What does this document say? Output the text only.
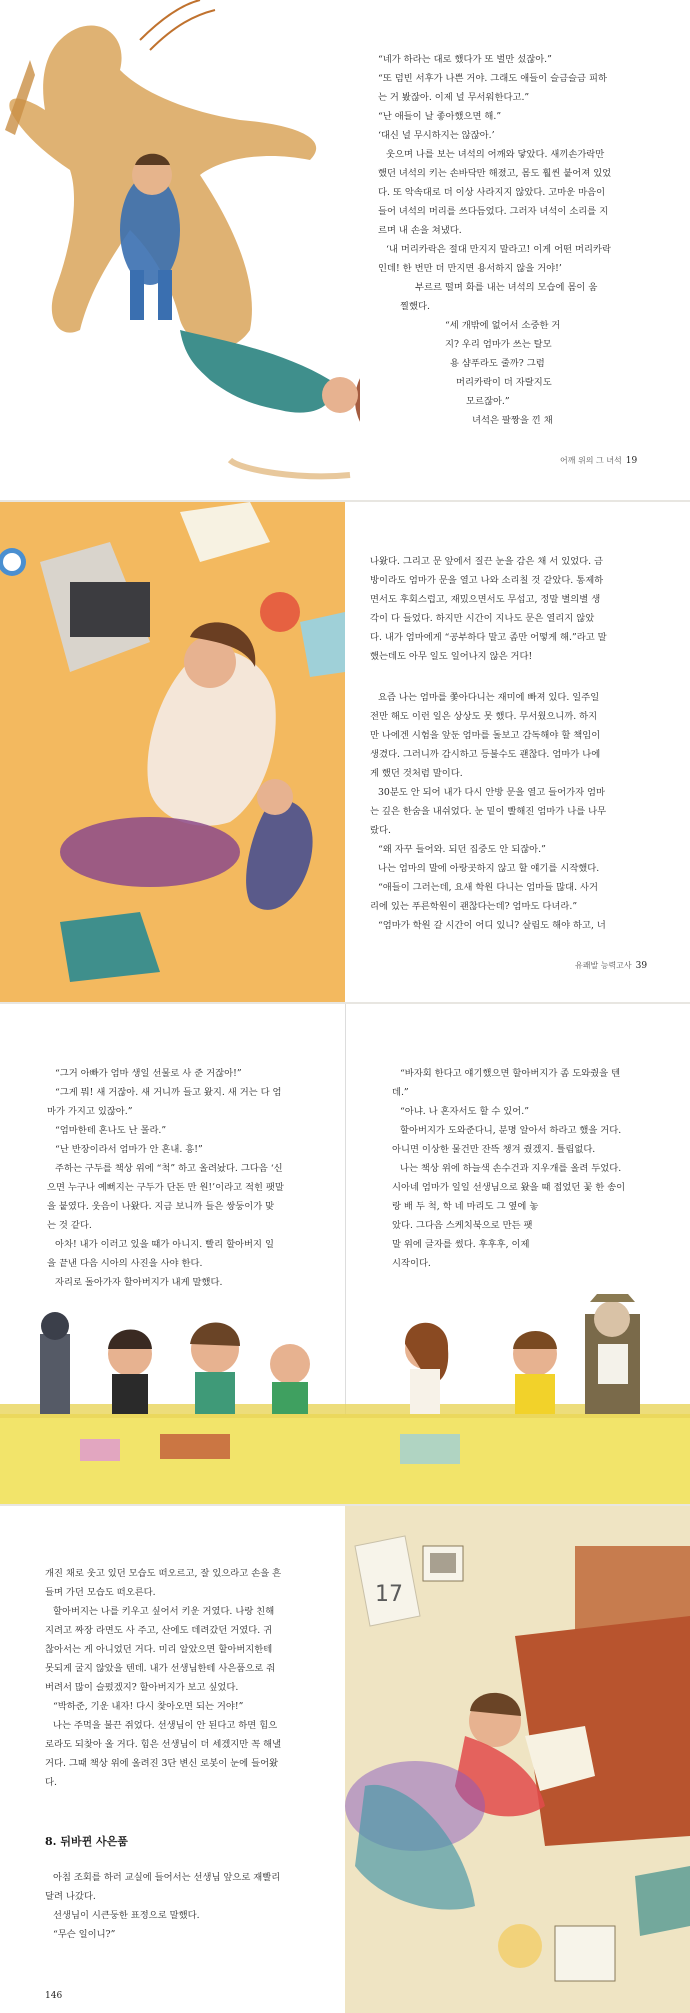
“네가 하라는 대로 했다가 또 벌만 섰잖아.”
“또 덤빈 서후가 나쁜 거야. 그래도 애들이 슬금슬금 피하
는 거 봤잖아. 이제 널 무서워한다고.”
“난 애들이 날 좋아했으면 해.”
‘대신 널 무시하지는 않잖아.’
웃으며 나를 보는 녀석의 어깨와 닿았다. 새끼손가락만
했던 녀석의 키는 손바닥만 해졌고, 몸도 훨씬 붙어져 있었
다. 또 악속대로 더 이상 사라지지 않았다. 고마운 마음이
들어 녀석의 머리를 쓰다듬었다. 그러자 녀석이 소리를 지
르며 내 손을 쳐냈다.
‘내 머리카락은 절대 만지지 말라고! 이게 어떤 머리카락
인데! 한 번만 더 만지면 용서하지 않을 거야!’
부르르 떨며 화를 내는 녀석의 모습에 몸이 움
찔했다.
“세 개밖에 없어서 소중한 거
지? 우리 엄마가 쓰는 탈모
용 샴푸라도 줄까? 그럼
머리카락이 더 자랄지도
모르잖아.”
녀석은 팔짱을 낀 채
어깨 위의 그 녀석 19
나왔다. 그리고 문 앞에서 질끈 눈을 감은 채 서 있었다. 금
방이라도 엄마가 문을 열고 나와 소리칠 것 같았다. 통제하
면서도 후회스럽고, 재밌으면서도 무섭고, 정말 별의별 생
각이 다 들었다. 하지만 시간이 지나도 문은 열리지 않았
다. 내가 엄마에게 “공부하다 말고 좀만 어떻게 해.”라고 말
했는데도 아무 일도 일어나지 않은 거다!
요즘 나는 엄마를 쫓아다니는 재미에 빠져 있다. 일주일
전만 해도 이런 일은 상상도 못 했다. 무서웠으니까. 하지
만 나에겐 시험을 앞둔 엄마를 돌보고 감독해야 할 책임이
생겼다. 그러니까 감시하고 등불수도 괜찮다. 엄마가 나에
게 했던 것처럼 말이다.
30분도 안 되어 내가 다시 안방 문을 열고 들어가자 엄마
는 깊은 한숨을 내쉬었다. 눈 밑이 빨해진 엄마가 나를 나무
랐다.
“왜 자꾸 들어와. 되던 집중도 안 되잖아.”
나는 엄마의 말에 아랑곳하지 않고 할 얘기를 시작했다.
“애들이 그러는데, 요새 학원 다니는 엄마들 많대. 사거
리에 있는 푸른학원이 괜찮다는데? 엄마도 다녀라.”
“엄마가 학원 갈 시간이 어디 있니? 살림도 해야 하고, 너
유쾌발 능력고사 39
“그거 아빠가 엄마 생일 선물로 사 준 거잖아!”
“그게 뭐! 새 거잖아. 새 거니까 들고 왔지. 새 거는 다 엄
마가 가지고 있잖아.”
“엄마한테 혼나도 난 몰라.”
“난 반장이라서 엄마가 안 혼내. 흥!”
주하는 구두를 책상 위에 “척” 하고 올려놨다. 그다음 ‘신
으면 누구나 예뻐지는 구두가 단돈 만 원!’이라고 적힌 팻말
을 붙였다. 웃음이 나왔다. 지금 보니까 들은 쌍둥이가 맞
는 것 같다.
아차! 내가 이러고 있을 때가 아니지. 빨리 할아버지 일
을 끝낸 다음 시아의 사진을 사야 한다.
자리로 돌아가자 할아버지가 내게 말했다.
“바자회 한다고 얘기했으면 할아버지가 좀 도와줬을 텐
데.”
“아냐. 나 혼자서도 할 수 있어.”
할아버지가 도와준다니, 분명 알아서 하라고 했을 거다.
아니면 이상한 물건만 잔뜩 챙겨 줬겠지. 틀림없다.
나는 책상 위에 하늘색 손수건과 지우개를 올려 두었다.
시아네 엄마가 일일 선생님으로 왔을 때 접었던 꽃 한 송이
랑 배 두 척, 학 네 마리도 그 옆에 놓
았다. 그다음 스케치북으로 만든 팻
말 위에 글자를 썼다. 후후후, 이제
시작이다.
개진 채로 웃고 있던 모습도 떠오르고, 잘 있으라고 손을 흔
들며 가던 모습도 떠오른다.
할아버지는 나를 키우고 싶어서 키운 거였다. 나랑 친해
지려고 짜장 라면도 사 주고, 산에도 데려갔던 거였다. 귀
찮아서는 게 아니었던 거다. 미리 알았으면 할아버지한테
못되게 굴지 않았을 텐데. 내가 선생님한테 사은품으로 줘
버려서 많이 슬펐겠지? 할아버지가 보고 싶었다.
“박하준, 기운 내자! 다시 찾아오면 되는 거야!”
나는 주먹을 불끈 쥐었다. 선생님이 안 된다고 하면 힘으
로라도 되찾아 올 거다. 힘은 선생님이 더 세겠지만 꼭 해낼
거다. 그때 책상 위에 올려진 3단 변신 로봇이 눈에 들어왔
다.
8. 뒤바뀐 사은품
아침 조회를 하러 교실에 들어서는 선생님 앞으로 재빨리
달려 나갔다.
선생님이 시큰둥한 표정으로 말했다.
“무슨 일이니?”
146
17
